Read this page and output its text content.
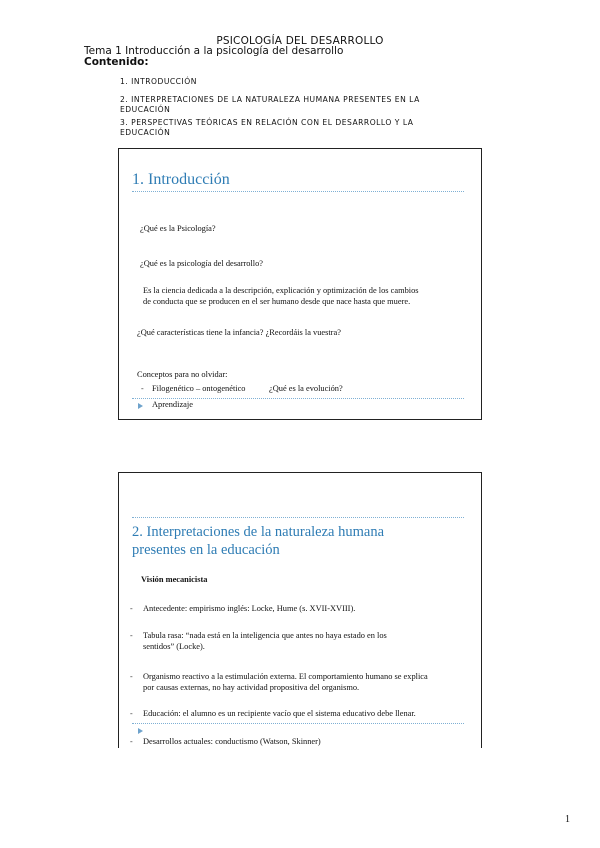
PSICOLOGÍA DEL DESARROLLO
Tema 1 Introducción a la psicología del desarrollo
Contenido:
1. INTRODUCCIÓN
2. INTERPRETACIONES DE LA NATURALEZA HUMANA PRESENTES EN LA EDUCACIÓN
3. PERSPECTIVAS TEÓRICAS EN RELACIÓN CON EL DESARROLLO Y LA EDUCACIÓN
1. Introducción
¿Qué es la Psicología?
¿Qué es la psicología del desarrollo?
Es la ciencia dedicada a la descripción, explicación y optimización de los cambios
de conducta que se producen en el ser humano desde que nace hasta que muere.
¿Qué características tiene la infancia? ¿Recordáis la vuestra?
Conceptos para no olvidar:
- Filogenético – ontogenético	¿Qué es la evolución?
Aprendizaje
2. Interpretaciones de la naturaleza humana
presentes en la educación
Visión mecanicista
- Antecedente: empirismo inglés: Locke, Hume (s. XVII-XVIII).
- Tabula rasa: “nada está en la inteligencia que antes no haya estado en los
sentidos” (Locke).
- Organismo reactivo a la estimulación externa. El comportamiento humano se explica
por causas externas, no hay actividad propositiva del organismo.
- Educación: el alumno es un recipiente vacío que el sistema educativo debe llenar.
- Desarrollos actuales: conductismo (Watson, Skinner)
1
